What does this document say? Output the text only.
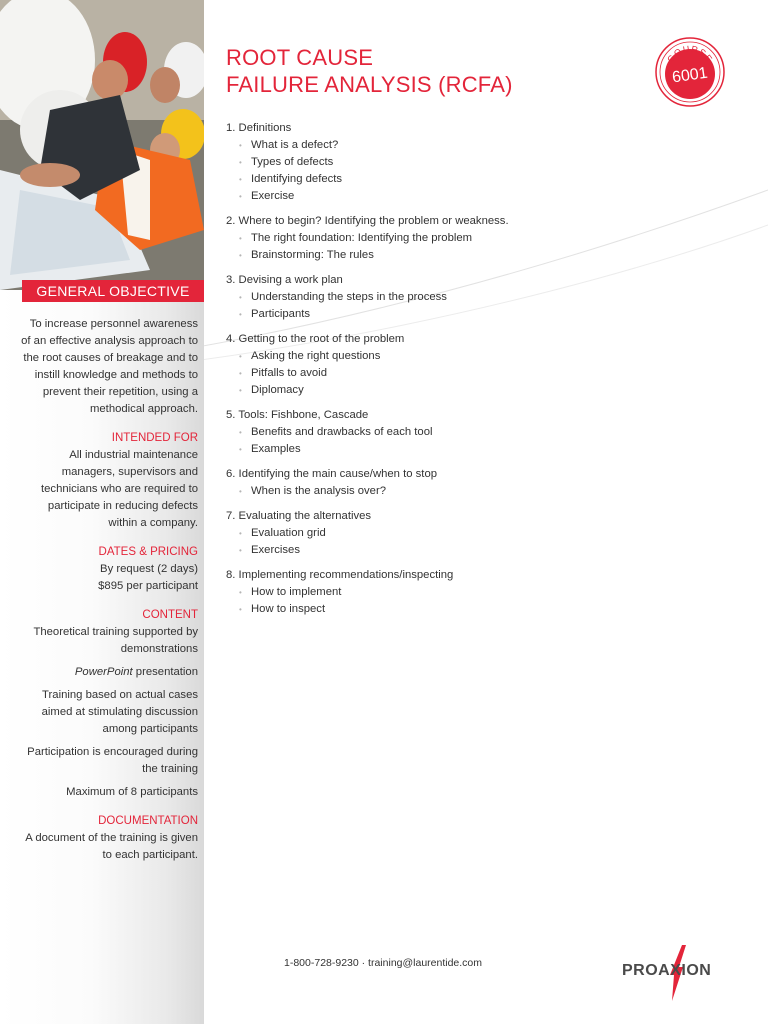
GENERAL OBJECTIVE

To increase personnel awareness of an effective analysis approach to the root causes of breakage and to instill knowledge and methods to prevent their repetition, using a methodical approach.

INTENDED FOR

All industrial maintenance managers, supervisors and technicians who are required to participate in reducing defects within a company.

DATES & PRICING

By request (2 days)

$895 per participant

CONTENT

Theoretical training supported by demonstrations

PowerPoint presentation

Training based on actual cases aimed at stimulating discussion among participants

Participation is encouraged during the training

Maximum of 8 participants

DOCUMENTATION

A document of the training is given to each participant.

ROOT CAUSE
FAILURE ANALYSIS (RCFA)
COURSE
6001
1. Definitions
• What is a defect?
• Types of defects
• Identifying defects
• Exercise
2. Where to begin? Identifying the problem or weakness.
• The right foundation: Identifying the problem
• Brainstorming: The rules
3. Devising a work plan
• Understanding the steps in the process
• Participants
4. Getting to the root of the problem
• Asking the right questions
• Pitfalls to avoid
• Diplomacy
5. Tools: Fishbone, Cascade
• Benefits and drawbacks of each tool
• Examples
6. Identifying the main cause/when to stop
• When is the analysis over?
7. Evaluating the alternatives
• Evaluation grid
• Exercises
8. Implementing recommendations/inspecting
• How to implement
• How to inspect
1-800-728-9230 · training@laurentide.com	PROAXION
